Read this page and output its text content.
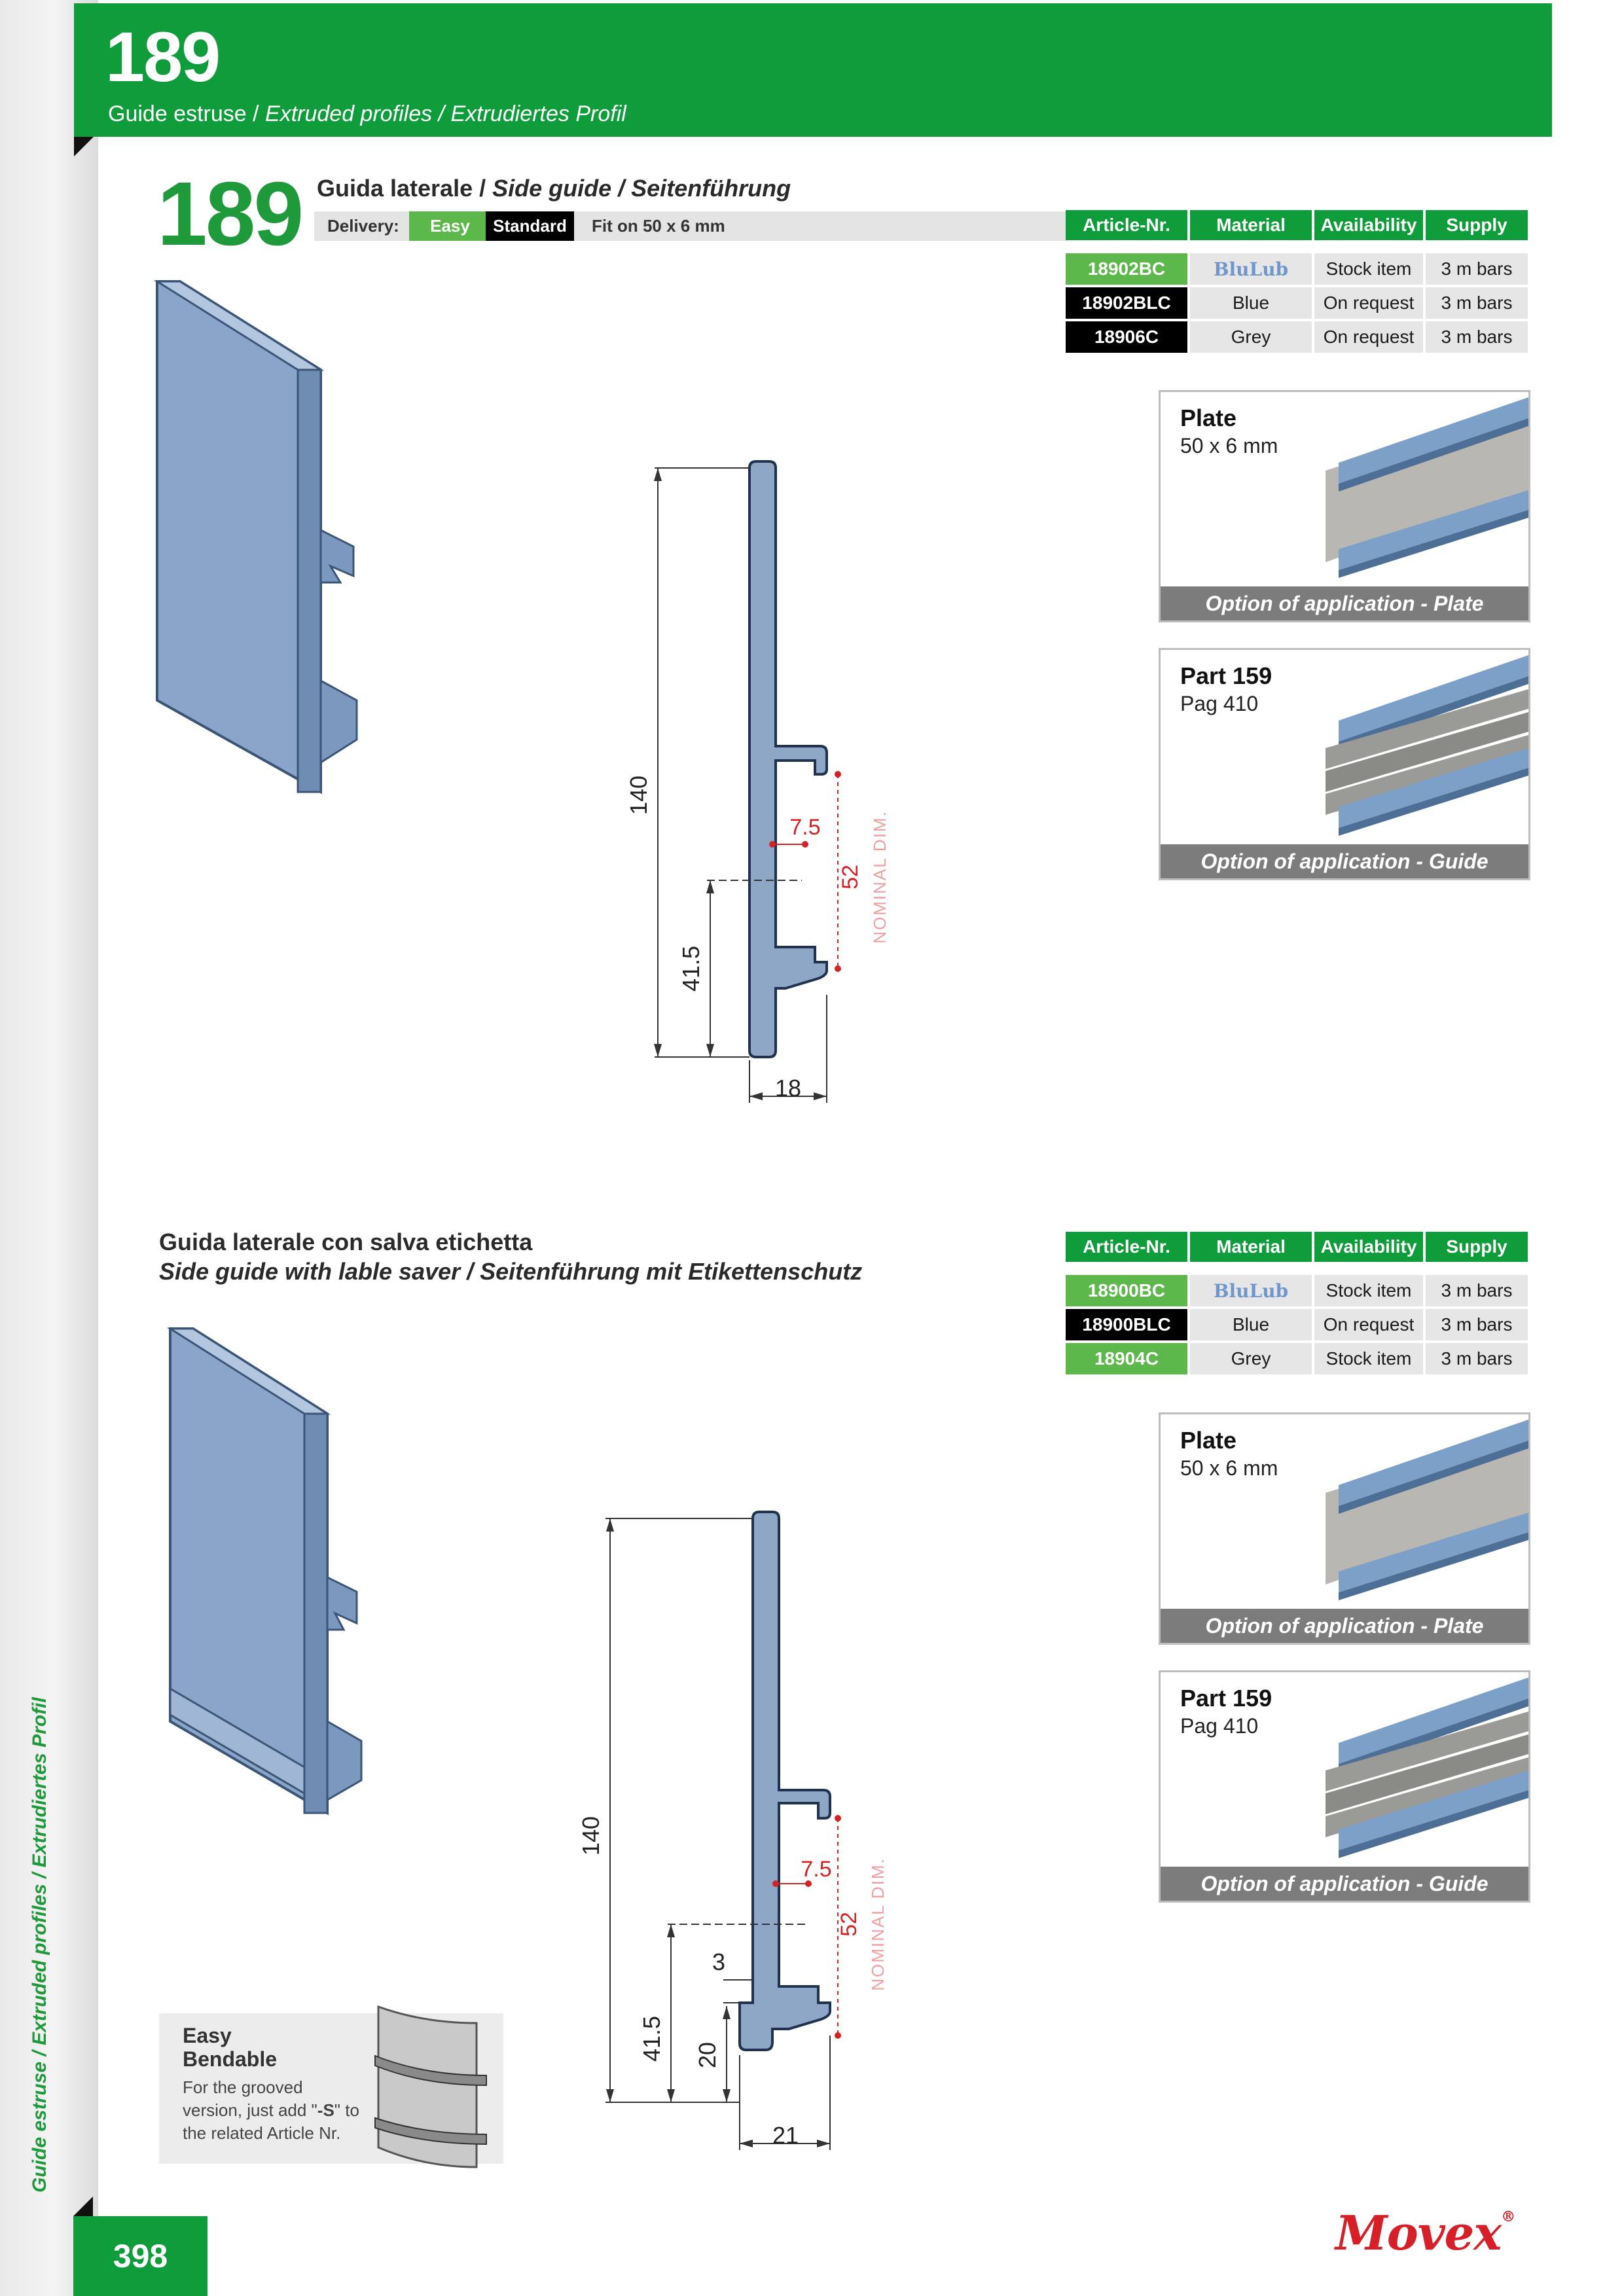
189
Guide estruse / Extruded profiles / Extrudiertes Profil
189 Guida laterale / Side guide / Seitenführung
Delivery:	Easy	Standard	Fit on 50 x 6 mm	Article-Nr.	Material	Availability	Supply

18902BC	BluLub	Stock item	3 m bars
18902BLC	Blue	On request	3 m bars
18906C	Grey	On request	3 m bars
Plate
50 x 6 mm
Option of application - Plate
Part 159
Pag 410
Option of application - Guide
140
41.5
18
7.5
52 NOMINAL DIM.
Guida laterale con salva etichetta
Side guide with lable saver / Seitenführung mit Etikettenschutz
Article-Nr.	Material	Availability	Supply

18900BC	BluLub	Stock item	3 m bars
18900BLC	Blue	On request	3 m bars
18904C	Grey	Stock item	3 m bars
Plate
50 x 6 mm
Option of application - Plate
Part 159
Pag 410
Option of application - Guide
140
41.5 20
3
21
7.5
52 NOMINAL DIM.
Easy
Bendable
For the grooved version, just add "-S" to the related Article Nr.
398	Movex®
